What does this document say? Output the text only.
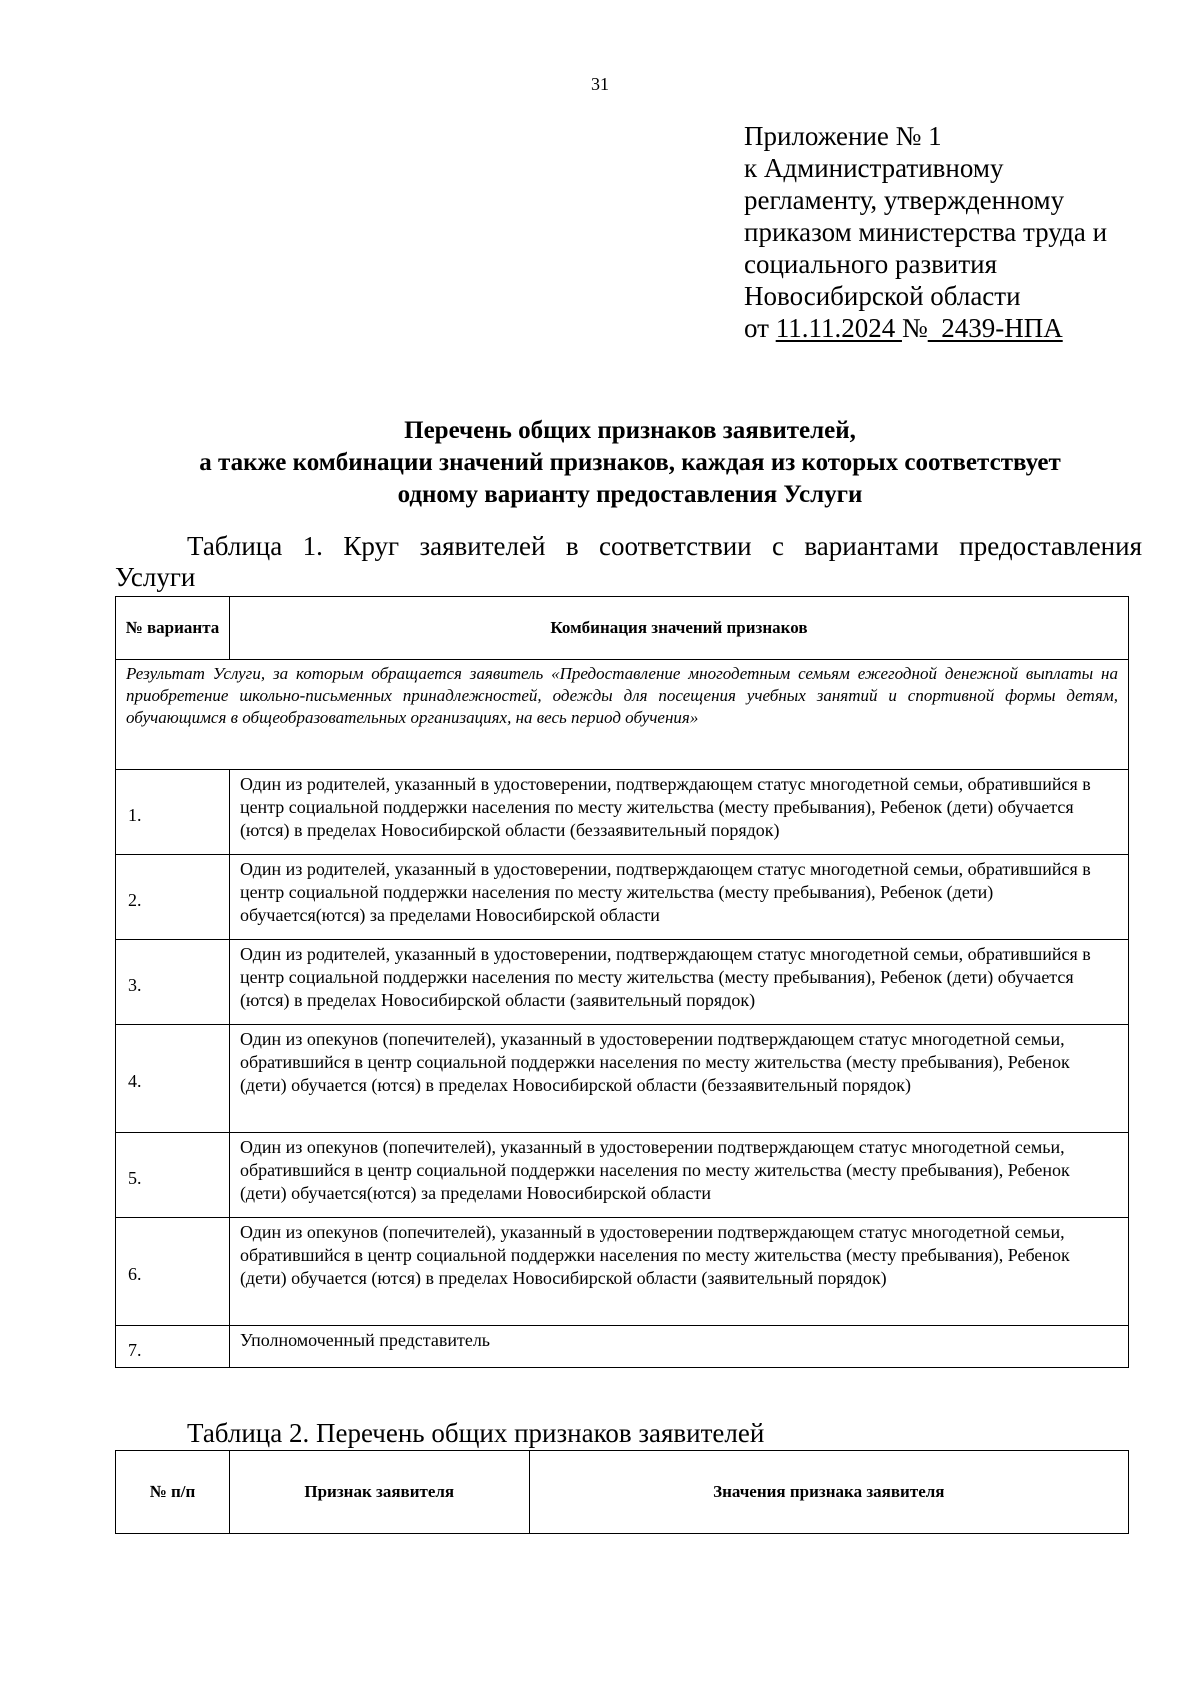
31
Приложение № 1
к Административному
регламенту, утвержденному
приказом министерства труда и
социального развития
Новосибирской области
от 11.11.2024 №  2439-НПА
Перечень общих признаков заявителей,
а также комбинации значений признаков, каждая из которых соответствует
одному варианту предоставления Услуги
Таблица 1. Круг заявителей в соответствии с вариантами предоставления
Услуги
№ варианта	Комбинация значений признаков
Результат Услуги, за которым обращается заявитель «Предоставление многодетным семьям ежегодной денежной выплаты на приобретение школьно-письменных принадлежностей, одежды для посещения учебных занятий и спортивной формы детям, обучающимся в общеобразовательных организациях, на весь период обучения»	
1.	Один из родителей, указанный в удостоверении, подтверждающем статус многодетной семьи, обратившийся в центр социальной поддержки населения по месту жительства (месту пребывания), Ребенок (дети) обучается (ются) в пределах Новосибирской области (беззаявительный порядок)
2.	Один из родителей, указанный в удостоверении, подтверждающем статус многодетной семьи, обратившийся в центр социальной поддержки населения по месту жительства (месту пребывания), Ребенок (дети) обучается(ются) за пределами Новосибирской области
3.	Один из родителей, указанный в удостоверении, подтверждающем статус многодетной семьи, обратившийся в центр социальной поддержки населения по месту жительства (месту пребывания), Ребенок (дети) обучается (ются) в пределах Новосибирской области (заявительный порядок)
4.	Один из опекунов (попечителей), указанный в удостоверении подтверждающем статус многодетной семьи, обратившийся в центр социальной поддержки населения по месту жительства (месту пребывания), Ребенок (дети) обучается (ются) в пределах Новосибирской области (беззаявительный порядок)
5.	Один из опекунов (попечителей), указанный в удостоверении подтверждающем статус многодетной семьи, обратившийся в центр социальной поддержки населения по месту жительства (месту пребывания), Ребенок (дети) обучается(ются) за пределами Новосибирской области
6.	Один из опекунов (попечителей), указанный в удостоверении подтверждающем статус многодетной семьи, обратившийся в центр социальной поддержки населения по месту жительства (месту пребывания), Ребенок (дети) обучается (ются) в пределах Новосибирской области (заявительный порядок)
7.	Уполномоченный представитель
Таблица 2. Перечень общих признаков заявителей
№ п/п	Признак заявителя	Значения признака заявителя
